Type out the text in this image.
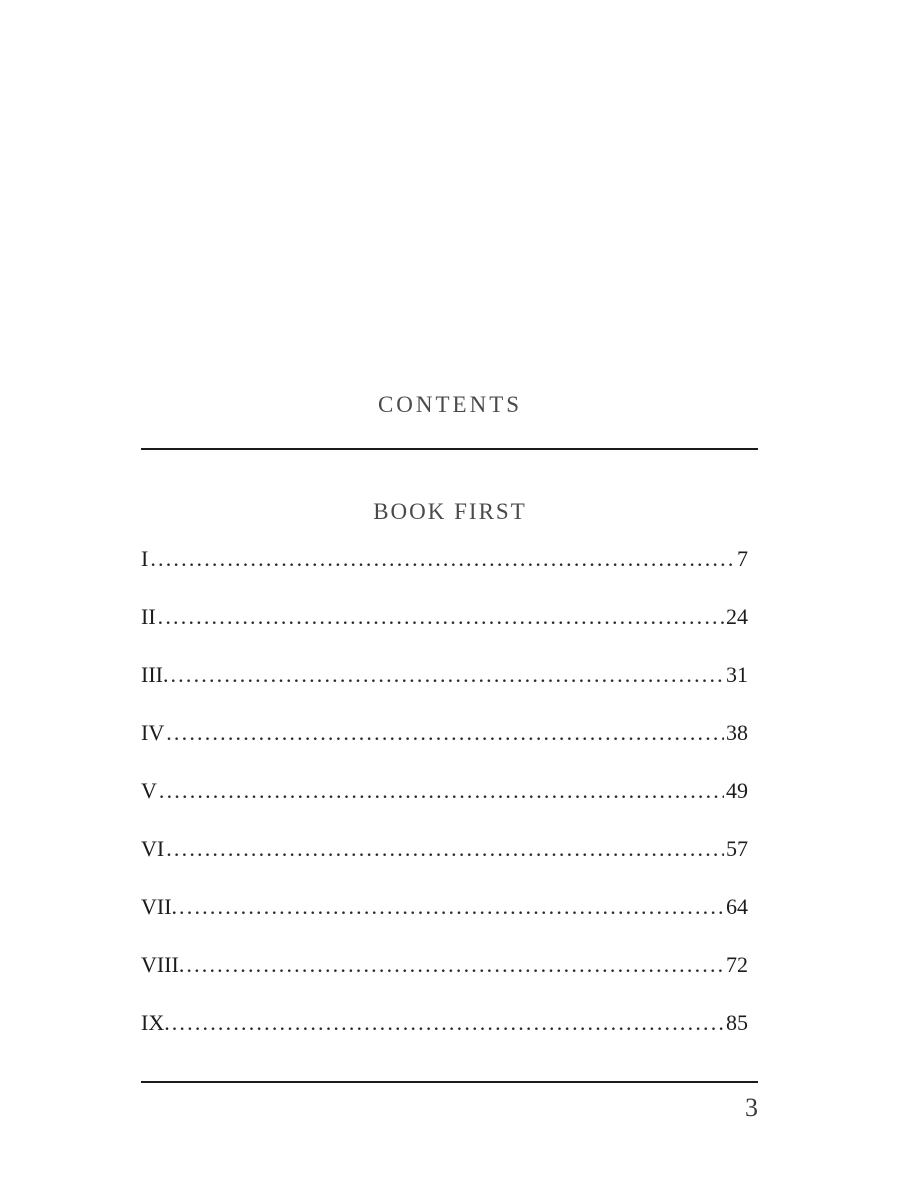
CONTENTS
BOOK FIRST
I .....	7
II .....	24
III. .....	31
IV .....	38
V .....	49
VI .....	57
VII. .....	64
VIII. .....	72
IX. .....	85
3
